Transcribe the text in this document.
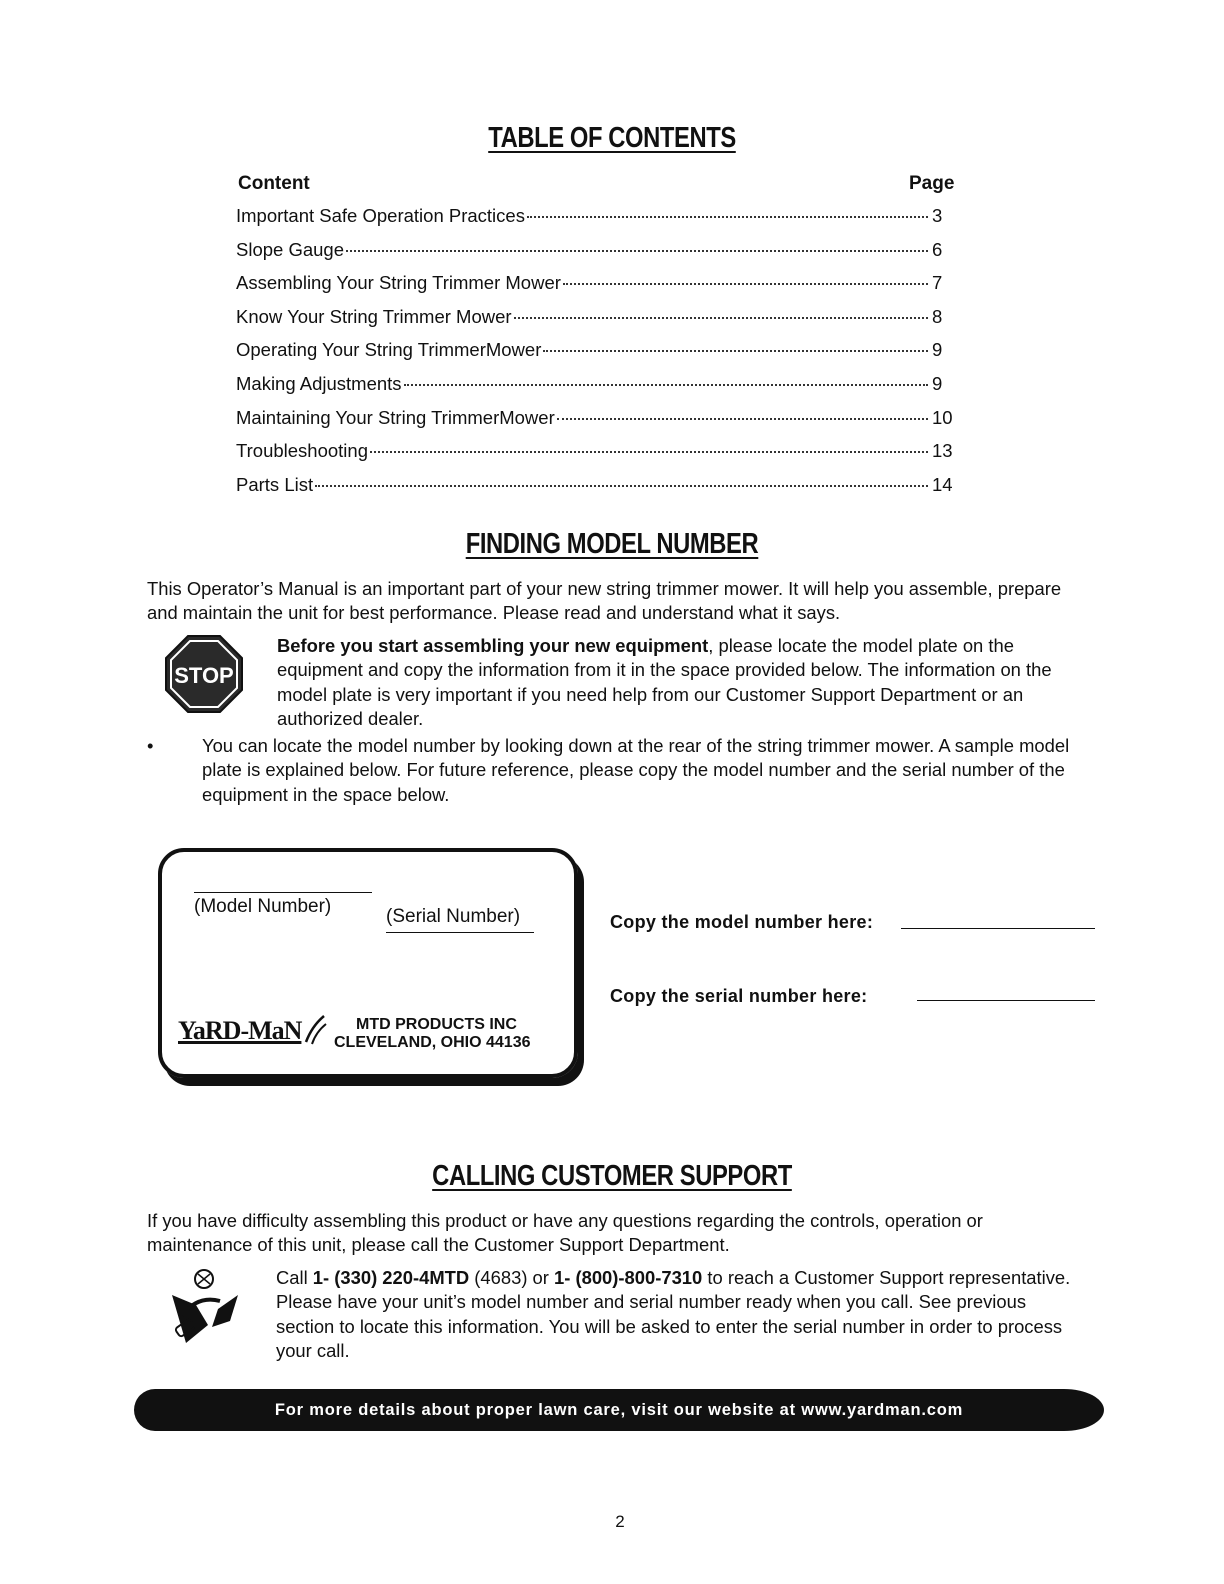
TABLE OF CONTENTS
Content	Page
Important Safe Operation Practices	3
Slope Gauge	6
Assembling Your String Trimmer Mower	7
Know Your String Trimmer Mower	8
Operating Your String TrimmerMower	9
Making Adjustments	9
Maintaining Your String TrimmerMower	10
Troubleshooting	13
Parts List	14
FINDING MODEL NUMBER
This Operator’s Manual is an important part of your new string trimmer mower. It will help you assemble, prepare and maintain the unit for best performance. Please read and understand what it says.
STOP
Before you start assembling your new equipment, please locate the model plate on the equipment and copy the information from it in the space provided below. The information on the model plate is very important if you need help from our Customer Support Department or an authorized dealer.
•	You can locate the model number by looking down at the rear of the string trimmer mower. A sample model plate is explained below. For future reference, please copy the model number and the serial number of the equipment in the space below.
(Model Number)	(Serial Number)
YaRD-MaN	MTD PRODUCTS INC
CLEVELAND, OHIO 44136
Copy the model number here:
Copy the serial number here:
CALLING CUSTOMER SUPPORT
If you have difficulty assembling this product or have any questions regarding the controls, operation or maintenance of this unit, please call the Customer Support Department.
Call 1- (330) 220-4MTD (4683) or 1- (800)-800-7310 to reach a Customer Support representative. Please have your unit’s model number and serial number ready when you call. See previous section to locate this information. You will be asked to enter the serial number in order to process your call.
For more details about proper lawn care, visit our website at www.yardman.com
2
